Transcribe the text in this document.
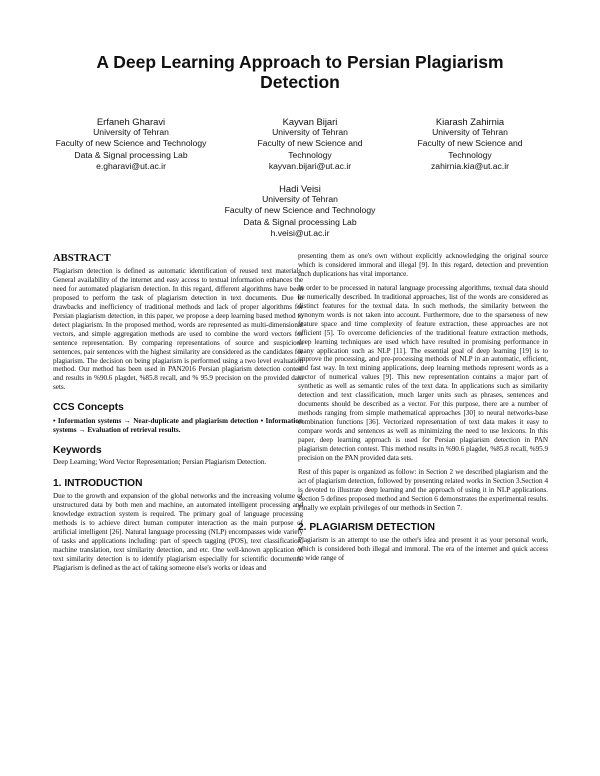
A Deep Learning Approach to Persian Plagiarism
Detection
Erfaneh Gharavi
University of Tehran
Faculty of new Science and Technology
Data & Signal processing Lab
e.gharavi@ut.ac.ir
Kayvan Bijari
University of Tehran
Faculty of new Science and
Technology
kayvan.bijari@ut.ac.ir
Kiarash Zahirnia
University of Tehran
Faculty of new Science and
Technology
zahirnia.kia@ut.ac.ir
Hadi Veisi
University of Tehran
Faculty of new Science and Technology
Data & Signal processing Lab
h.veisi@ut.ac.ir
ABSTRACT

Plagiarism detection is defined as automatic identification of reused text materials. General availability of the internet and easy access to textual information enhances the need for automated plagiarism detection. In this regard, different algorithms have been proposed to perform the task of plagiarism detection in text documents. Due to drawbacks and inefficiency of traditional methods and lack of proper algorithms for Persian plagiarism detection, in this paper, we propose a deep learning based method to detect plagiarism. In the proposed method, words are represented as multi-dimensional vectors, and simple aggregation methods are used to combine the word vectors for sentence representation. By comparing representations of source and suspicious sentences, pair sentences with the highest similarity are considered as the candidates for plagiarism. The decision on being plagiarism is performed using a two level evaluation method. Our method has been used in PAN2016 Persian plagiarism detection contest and results in %90.6 plagdet, %85.8 recall, and % 95.9 precision on the provided data sets.

CCS Concepts

• Information systems → Near-duplicate and plagiarism detection • Information systems → Evaluation of retrieval results.

Keywords

Deep Learning; Word Vector Representation; Persian Plagiarism Detection.

1. INTRODUCTION

Due to the growth and expansion of the global networks and the increasing volume of unstructured data by both men and machine, an automated intelligent processing and knowledge extraction system is required. The primary goal of language processing methods is to achieve direct human computer interaction as the main purpose of artificial intelligent [26]. Natural language processing (NLP) encompasses wide variety of tasks and applications including: part of speech tagging (POS), text classification, machine translation, text similarity detection, and etc. One well-known application of text similarity detection is to identify plagiarism especially for scientific documents. Plagiarism is defined as the act of taking someone else's works or ideas and

presenting them as one's own without explicitly acknowledging the original source which is considered immoral and illegal [9]. In this regard, detection and prevention such duplications has vital importance.

In order to be processed in natural language processing algorithms, textual data should be numerically described. In traditional approaches, list of the words are considered as distinct features for the textual data. In such methods, the similarity between the synonym words is not taken into account. Furthermore, due to the sparseness of new feature space and time complexity of feature extraction, these approaches are not efficient [5]. To overcome deficiencies of the traditional feature extraction methods, deep learning techniques are used which have resulted in promising performance in many application such as NLP [11]. The essential goal of deep learning [19] is to improve the processing, and pre-processing methods of NLP in an automatic, efficient, and fast way. In text mining applications, deep learning methods represent words as a vector of numerical values [9]. This new representation contains a major part of synthetic as well as semantic rules of the text data. In applications such as similarity detection and text classification, much larger units such as phrases, sentences and documents should be described as a vector. For this purpose, there are a number of methods ranging from simple mathematical approaches [30] to neural networks-base combination functions [36]. Vectorized representation of text data makes it easy to compare words and sentences as well as minimizing the need to use lexicons. In this paper, deep learning approach is used for Persian plagiarism detection in PAN plagiarism detection contest. This method results in %90.6 plagdet, %85.8 recall, %95.9 precision on the PAN provided data sets.

Rest of this paper is organized as follow: in Section 2 we described plagiarism and the act of plagiarism detection, followed by presenting related works in Section 3.Section 4 is devoted to illustrate deep learning and the approach of using it in NLP applications. Section 5 defines proposed method and Section 6 demonstrates the experimental results. Finally we explain privileges of our methods in Section 7.

2. PLAGIARISM DETECTION

Plagiarism is an attempt to use the other's idea and present it as your personal work, which is considered both illegal and immoral. The era of the internet and quick access to wide range of
